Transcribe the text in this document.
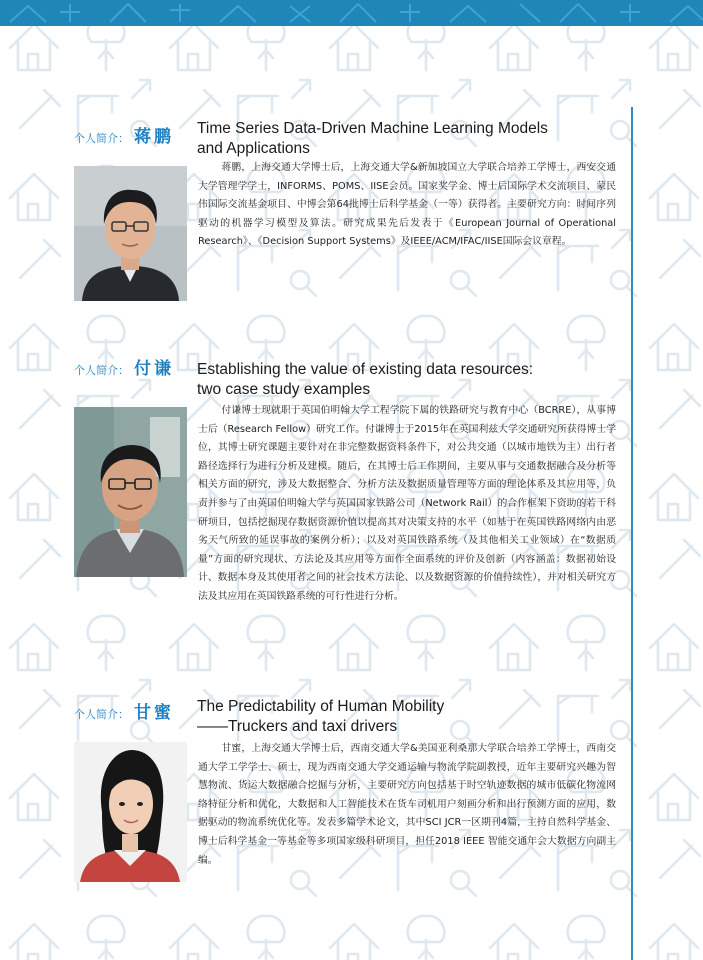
个人简介： 蒋鹏 Time Series Data-Driven Machine Learning Models
and Applications

蒋鹏，上海交通大学博士后，上海交通大学&新加坡国立大学联合培养工学博士，西安交通大学管理学学士，INFORMS、POMS、IISE会员。国家奖学金、博士后国际学术交流项目、蒙民伟国际交流基金项目、中博会第64批博士后科学基金（一等）获得者。主要研究方向：时间序列驱动的机器学习模型及算法。研究成果先后发表于《European Journal of Operational Research》、《Decision Support Systems》及IEEE/ACM/IFAC/IISE国际会议章程。

个人简介： 付谦 Establishing the value of existing data resources:
two case study examples

付谦博士现就职于英国伯明翰大学工程学院下属的铁路研究与教育中心（BCRRE），从事博士后（Research Fellow）研究工作。付谦博士于2015年在英国利兹大学交通研究所获得博士学位，其博士研究课题主要针对在非完整数据资料条件下，对公共交通（以城市地铁为主）出行者路径选择行为进行分析及建模。随后，在其博士后工作期间，主要从事与交通数据融合及分析等相关方面的研究，涉及大数据整合、分析方法及数据质量管理等方面的理论体系及其应用等，负责并参与了由英国伯明翰大学与英国国家铁路公司（Network Rail）的合作框架下资助的若干科研项目，包括挖掘现存数据资源价值以提高其对决策支持的水平（如基于在英国铁路网络内由恶劣天气所致的延误事故的案例分析）；以及对英国铁路系统（及其他相关工业领域）在“数据质量”方面的研究现状、方法论及其应用等方面作全面系统的评价及创新（内容涵盖：数据初始设计、数据本身及其使用者之间的社会技术方法论、以及数据资源的价值持续性），并对相关研究方法及其应用在英国铁路系统的可行性进行分析。

个人简介： 甘蜜 The Predictability of Human Mobility
——Truckers and taxi drivers

甘蜜，上海交通大学博士后，西南交通大学&美国亚利桑那大学联合培养工学博士，西南交通大学工学学士、硕士，现为西南交通大学交通运输与物流学院副教授，近年主要研究兴趣为智慧物流、货运大数据融合挖掘与分析，主要研究方向包括基于时空轨迹数据的城市低碳化物流网络特征分析和优化，大数据和人工智能技术在货车司机用户刻画分析和出行预测方面的应用，数据驱动的物流系统优化等。发表多篇学术论文，其中SCI JCR一区期刊4篇，主持自然科学基金、博士后科学基金一等基金等多项国家级科研项目，担任2018 IEEE 智能交通年会大数据方向副主编。
